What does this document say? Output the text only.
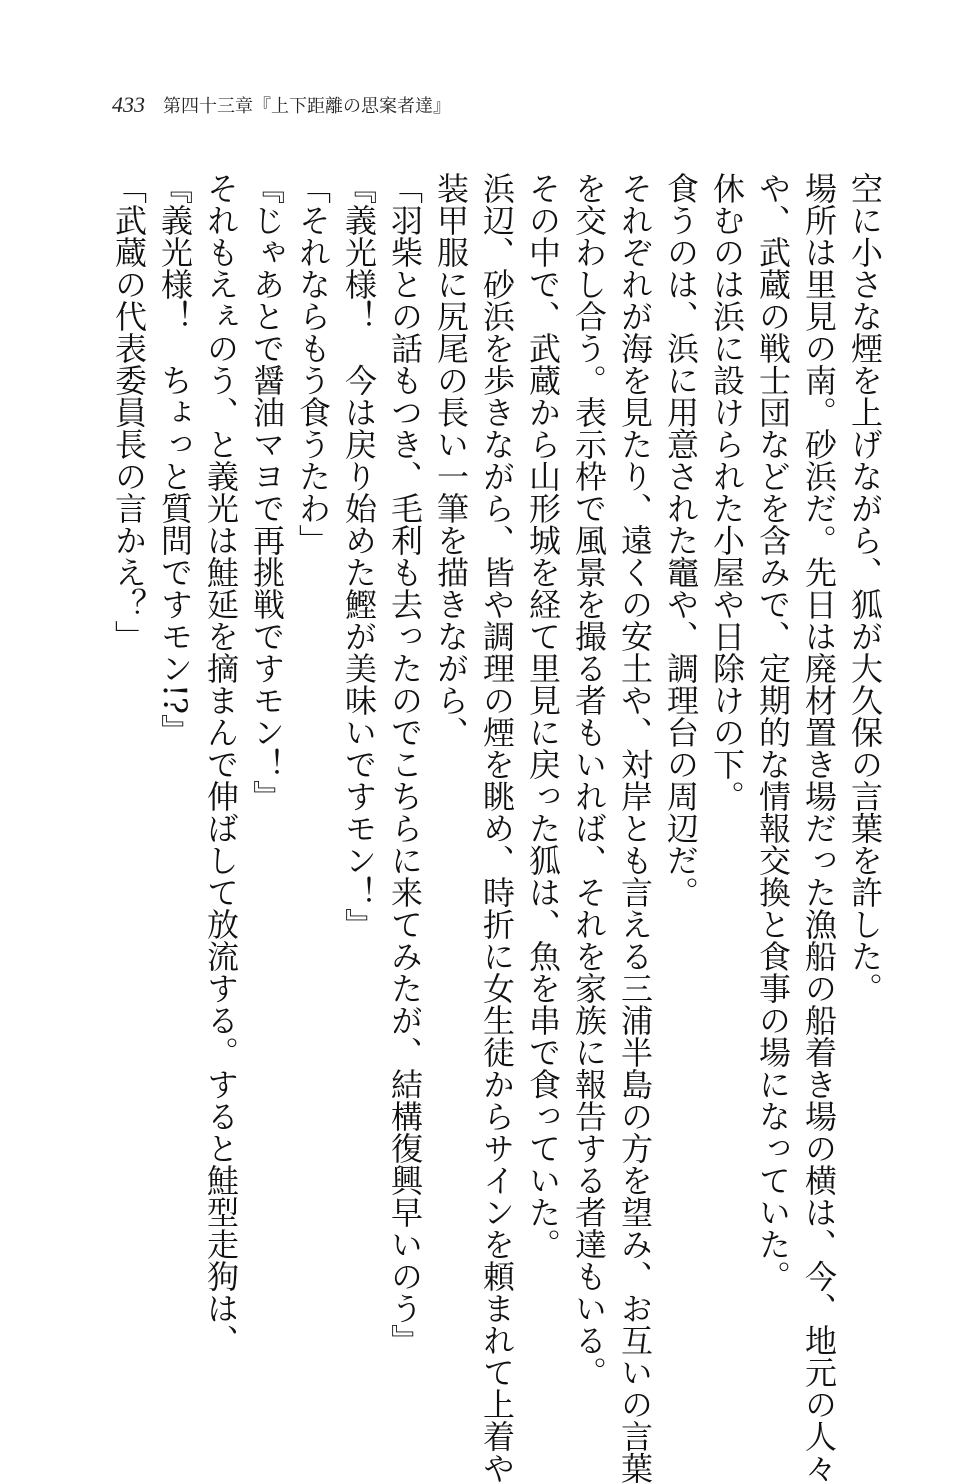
433 第四十三章『上下距離の思案者達』
空に小さな煙を上げながら、狐が大久保の言葉を許した。
場所は里見の南。砂浜だ。先日は廃材置き場だった漁船の船着き場の横は、今、地元の人々
や、武蔵の戦士団などを含みで、定期的な情報交換と食事の場になっていた。
休むのは浜に設けられた小屋や日除けの下。
食うのは、浜に用意された竈や、調理台の周辺だ。
それぞれが海を見たり、遠くの安土や、対岸とも言える三浦半島の方を望み、お互いの言葉
を交わし合う。表示枠で風景を撮る者もいれば、それを家族に報告する者達もいる。
その中で、武蔵から山形城を経て里見に戻った狐は、魚を串で食っていた。
浜辺、砂浜を歩きながら、皆や調理の煙を眺め、時折に女生徒からサインを頼まれて上着や
装甲服に尻尾の長い一筆を描きながら、
「羽柴との話もつき、毛利も去ったのでこちらに来てみたが、結構復興早いのう』
『義光様！　今は戻り始めた鰹が美味いですモン！』
「それならもう食うたわ」
『じゃあとで醤油マヨで再挑戦ですモン！』
それもえぇのう、と義光は鮭延を摘まんで伸ばして放流する。すると鮭型走狗は、
『義光様！　ちょっと質問ですモン!?』
「武蔵の代表委員長の言かえ？」
